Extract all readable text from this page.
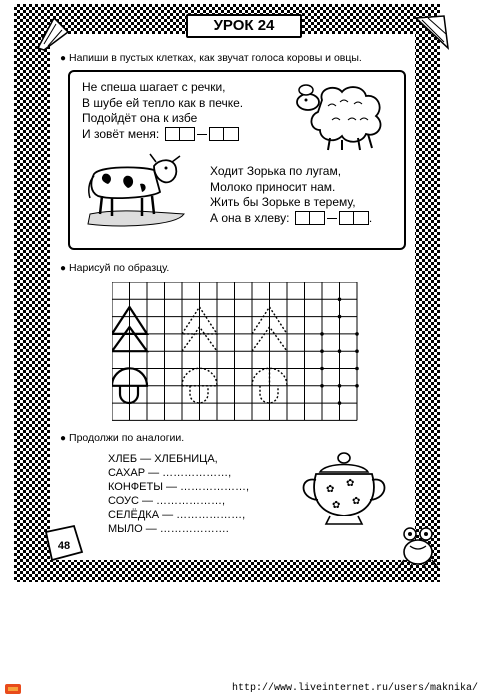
УРОК 24
● Напиши в пустых клетках, как звучат голоса коровы и овцы.
Не спеша шагает с речки,
В шубе ей тепло как в печке.
Подойдёт она к избе
И зовёт меня:
Ходит Зорька по лугам,
Молоко приносит нам.
Жить бы Зорьке в терему,
А она в хлеву:	.
● Нарисуй по образцу.
● Продолжи по аналогии.
ХЛЕБ — ХЛЕБНИЦА,
САХАР — ………………,
КОНФЕТЫ — ………………,
СОУС — ………………,
СЕЛЁДКА — ………………,
МЫЛО — ……………….
✿
✿
✿
✿
48
http://www.liveinternet.ru/users/maknika/
